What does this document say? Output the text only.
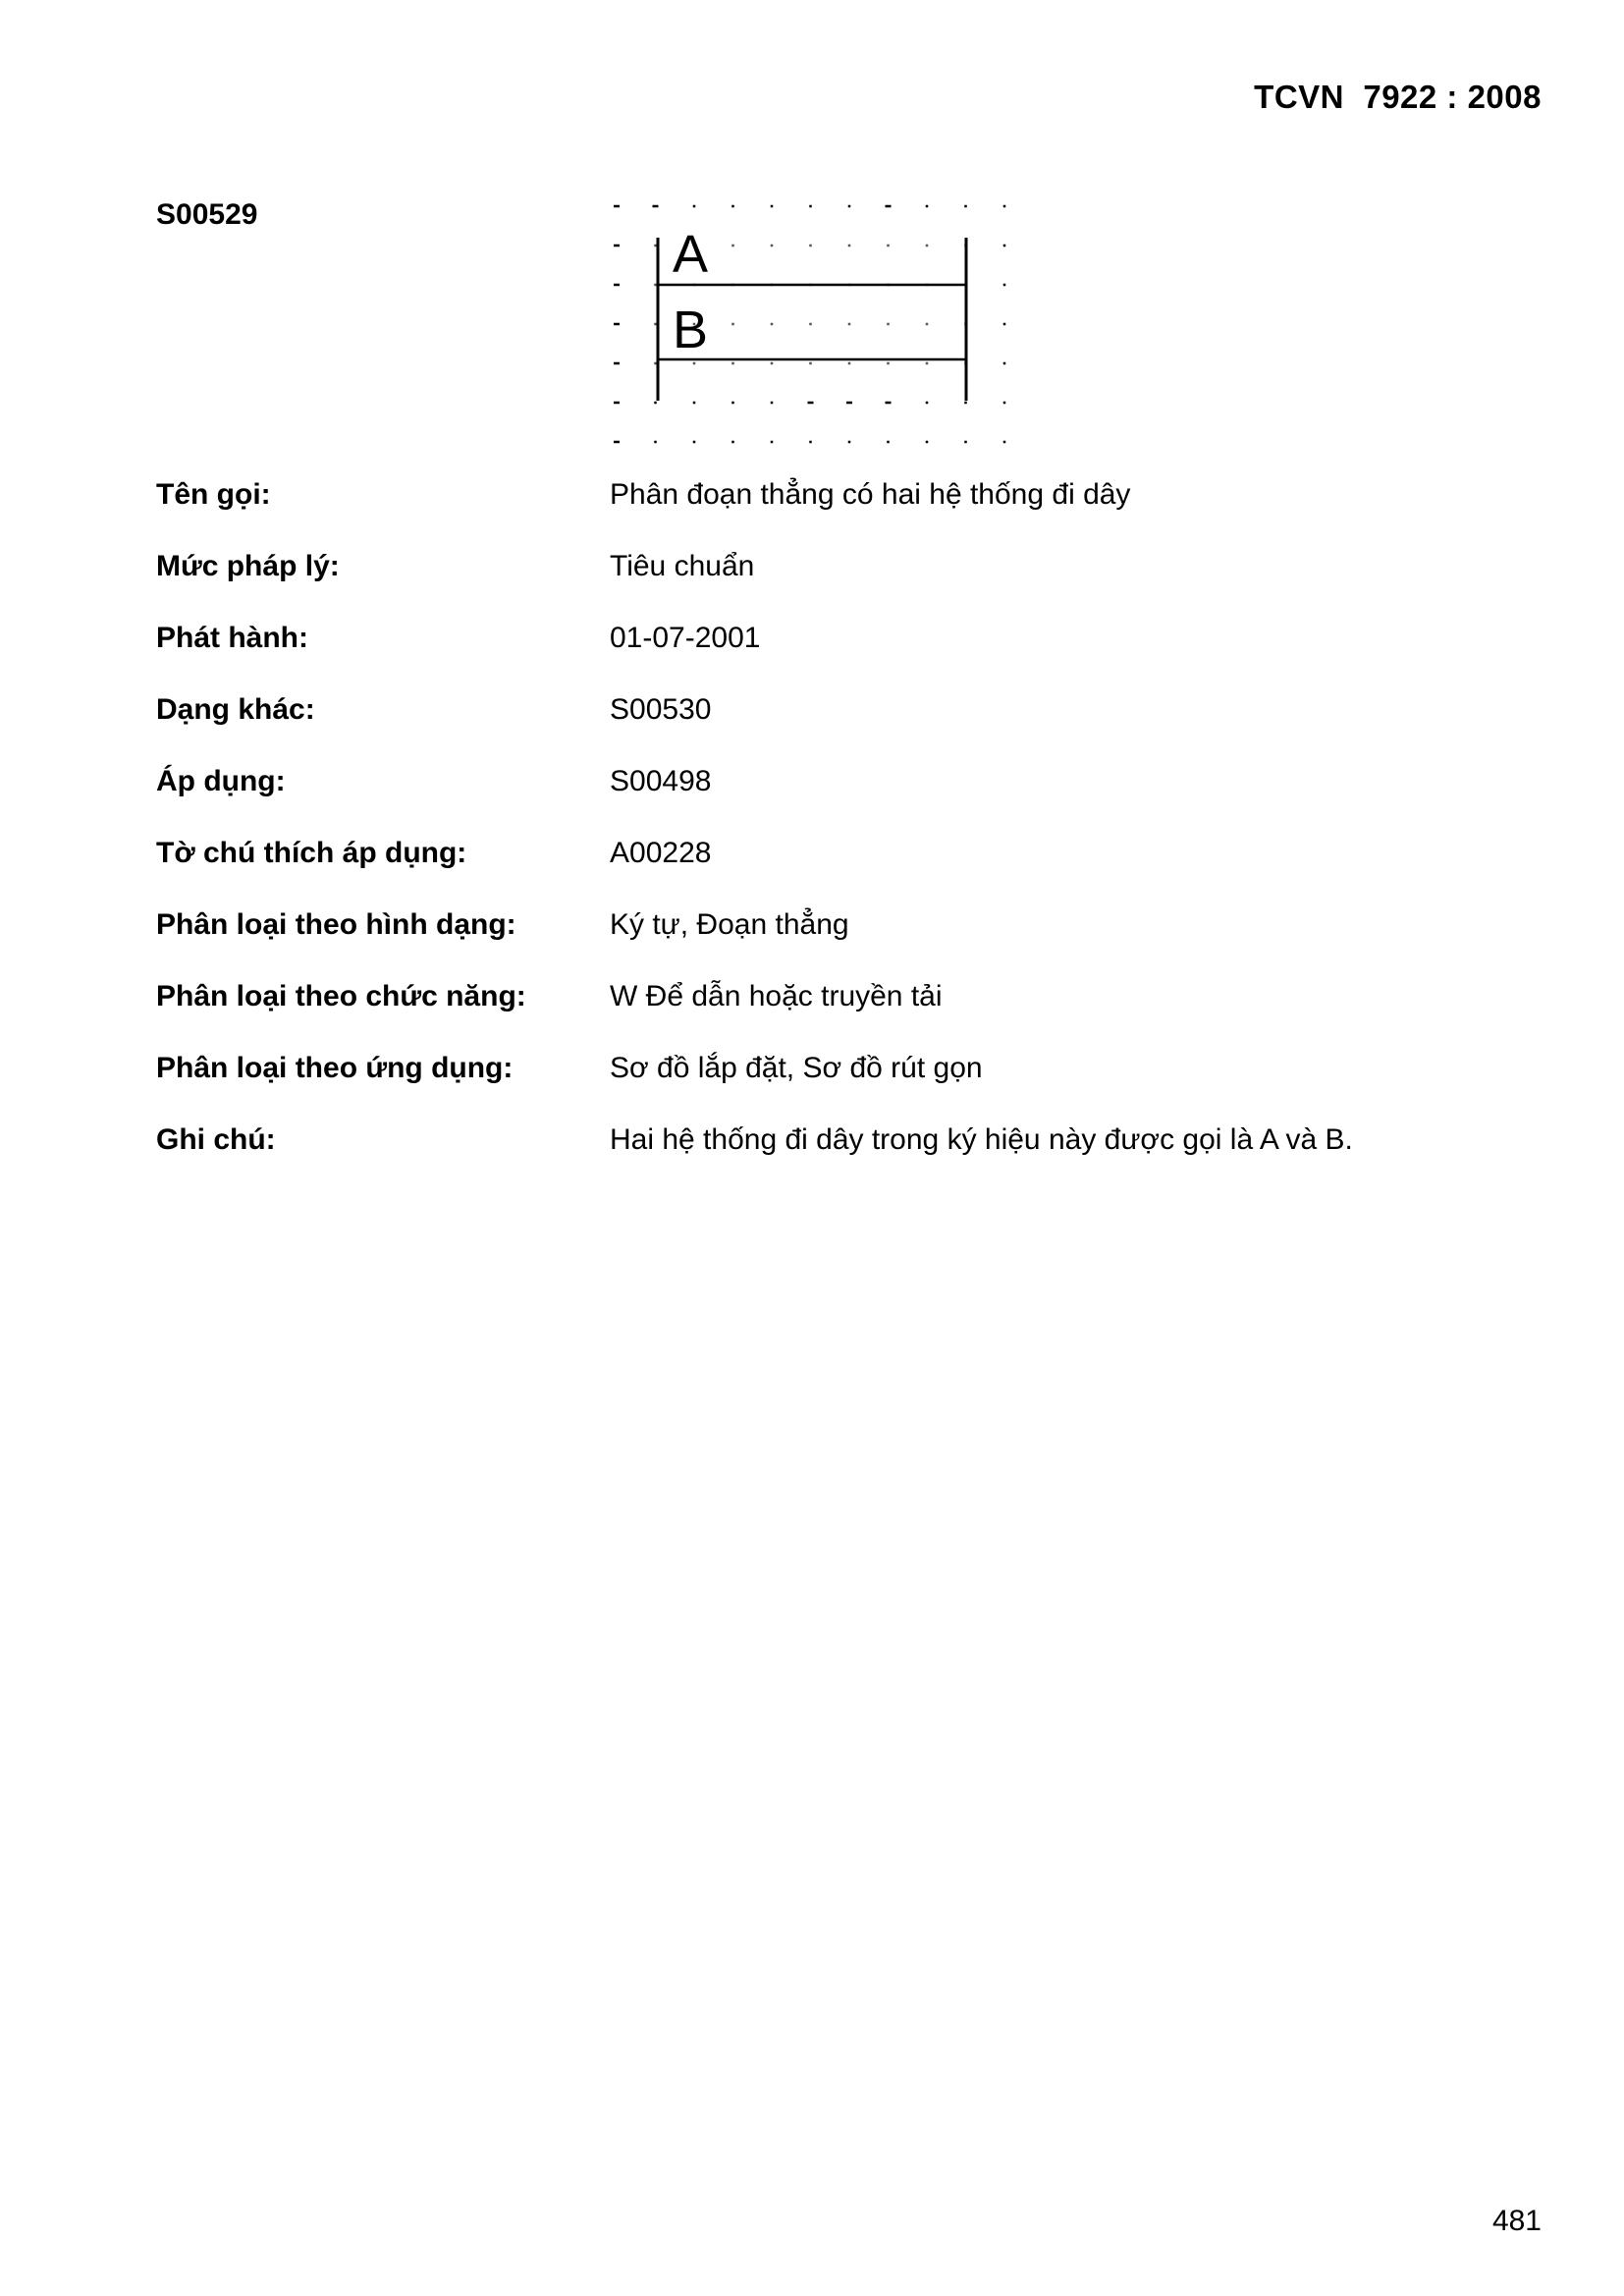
TCVN  7922 : 2008
S00529
A
B
Tên gọi:	Phân đoạn thẳng có hai hệ thống đi dây
Mức pháp lý:	Tiêu chuẩn
Phát hành:	01-07-2001
Dạng khác:	S00530
Áp dụng:	S00498
Tờ chú thích áp dụng:	A00228
Phân loại theo hình dạng:	Ký tự, Đoạn thẳng
Phân loại theo chức năng:	W Để dẫn hoặc truyền tải
Phân loại theo ứng dụng:	Sơ đồ lắp đặt, Sơ đồ rút gọn
Ghi chú:	Hai hệ thống đi dây trong ký hiệu này được gọi là A và B.
481
